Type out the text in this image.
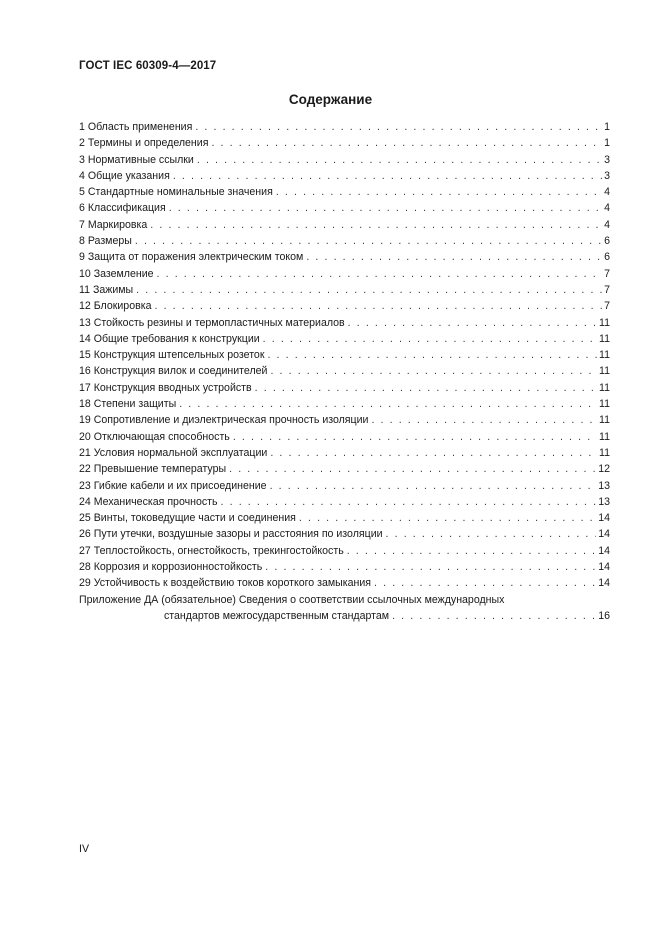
ГОСТ IEC 60309-4—2017
Содержание
1 Область применения . . .	1
2 Термины и определения . . .	1
3 Нормативные ссылки . . .	3
4 Общие указания . . .	3
5 Стандартные номинальные значения . . .	4
6 Классификация . . .	4
7 Маркировка . . .	4
8 Размеры . . .	6
9 Защита от поражения электрическим током . . .	6
10 Заземление . . .	7
11 Зажимы . . .	7
12 Блокировка . . .	7
13 Стойкость резины и термопластичных материалов . . .	11
14 Общие требования к конструкции . . .	11
15 Конструкция штепсельных розеток . . .	11
16 Конструкция вилок и соединителей . . .	11
17 Конструкция вводных устройств . . .	11
18 Степени защиты . . .	11
19 Сопротивление и диэлектрическая прочность изоляции . . .	11
20 Отключающая способность . . .	11
21 Условия нормальной эксплуатации . . .	11
22 Превышение температуры . . .	12
23 Гибкие кабели и их присоединение . . .	13
24 Механическая прочность . . .	13
25 Винты, токоведущие части и соединения . . .	14
26 Пути утечки, воздушные зазоры и расстояния по изоляции . . .	14
27 Теплостойкость, огнестойкость, трекингостойкость . . .	14
28 Коррозия и коррозионностойкость . . .	14
29 Устойчивость к воздействию токов короткого замыкания . . .	14
Приложение ДА (обязательное) Сведения о соответствии ссылочных международных
стандартов межгосударственным стандартам . . .	16
IV
